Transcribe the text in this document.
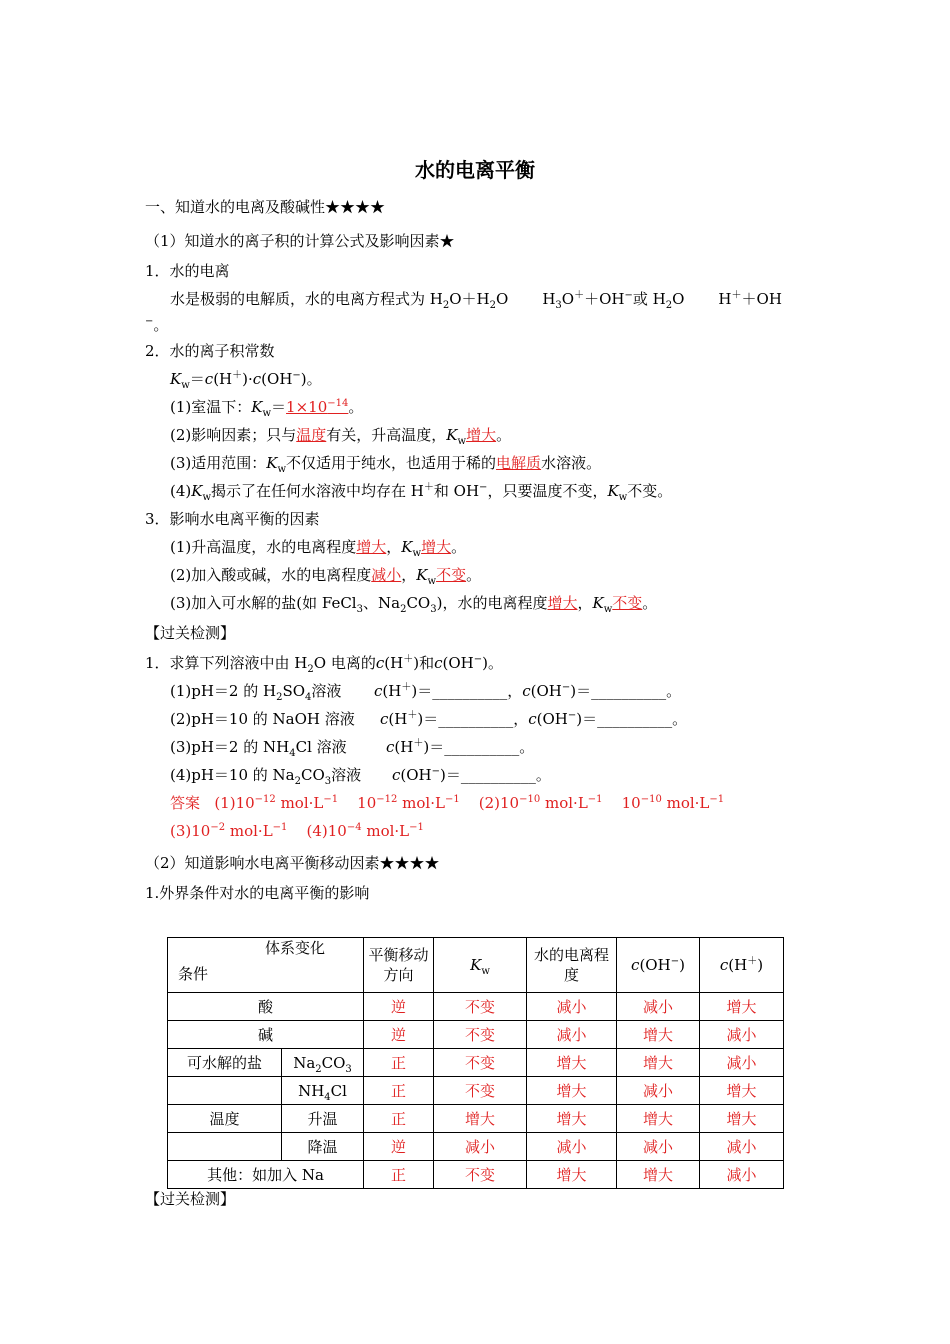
水的电离平衡
一、知道水的电离及酸碱性★★★★
（1）知道水的离子积的计算公式及影响因素★
1．水的电离
水是极弱的电解质，水的电离方程式为 $H_2O+H_2O$ $H_3O^++OH^-$或 $H_2O$ H＋＋OH
−。
2．水的离子积常数
$K_w=c(H^+)\cdot c(OH^-)$。
(1)室温下：$K_w=1\times 10^{-14}$。
(2)影响因素；只与温度有关，升高温度，$K_w$增大。
(3)适用范围：$K_w$不仅适用于纯水，也适用于稀的电解质水溶液。
$(4)K_w$揭示了在任何水溶液中均存在 H＋和 OH−，只要温度不变，$K_w$不变。
3．影响水电离平衡的因素
(1)升高温度，水的电离程度增大，$K_w$增大。
(2)加入酸或碱，水的电离程度减小，$K_w$不变。
(3)加入可水解的盐(如 FeCl$_3$、$Na_2CO_3$)，水的电离程度增大，$K_w$不变。
【过关检测】
1．求算下列溶液中由 $H_2O$ 电离的c(H＋)和c(OH−)。
(1)pH＝2 的 $H_2SO_4$溶液 c(H＋)＝__________，c(OH−)＝__________。
(2)pH＝10 的 NaOH 溶液 c(H＋)＝__________，c(OH−)＝__________。
(3)pH＝2 的 $NH_4Cl$ 溶液	c(H＋)＝__________。
(4)pH＝10 的 $Na_2CO_3$溶液 c(OH−)＝__________。
答案 $(1)10^{-12}$ $mol\cdot L^{-1}$ $10^{-12}$ $mol\cdot L^{-1}$ $(2)10^{-10}$ $mol\cdot L^{-1}$ $10^{-10}$ $mol\cdot L^{-1}$
$(3)10^{-2}$ $mol\cdot L^{-1}$ $(4)10^{-4}$ $mol\cdot L^{-1}$
（2）知道影响水电离平衡移动因素★★★★
1.外界条件对水的电离平衡的影响
体系变化
条件		平衡移动方向	$K_w$	水的电离程度	c(OH−)	c(H＋)
酸		逆	不变	减小	减小	增大
碱		逆	不变	减小	增大	减小
可水解的盐	$Na_2CO_3$	正	不变	增大	增大	减小
	$NH_4Cl$	正	不变	增大	减小	增大
温度	升温	正	增大	增大	增大	增大
	降温	逆	减小	减小	减小	减小
其他：如加入 Na		正	不变	增大	增大	减小
【过关检测】
